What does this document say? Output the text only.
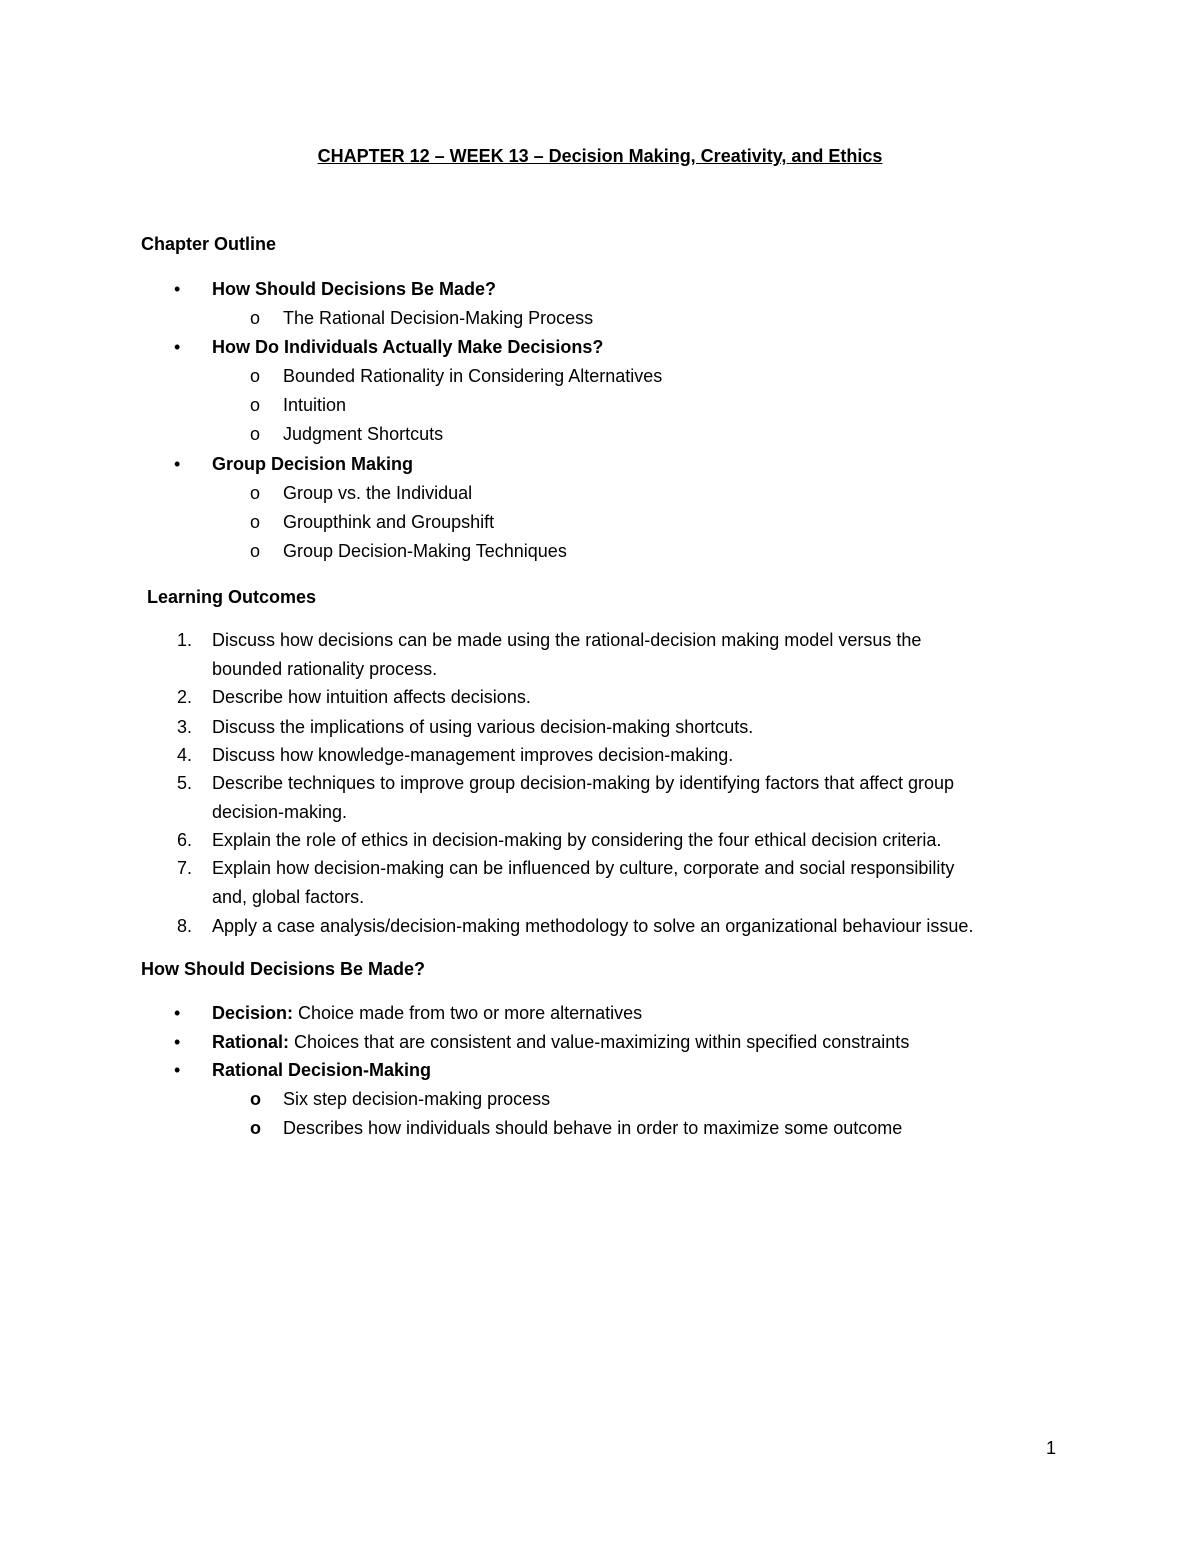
CHAPTER 12 – WEEK 13 – Decision Making, Creativity, and Ethics
Chapter Outline
• How Should Decisions Be Made?
o The Rational Decision-Making Process
• How Do Individuals Actually Make Decisions?
o Bounded Rationality in Considering Alternatives
o Intuition
o Judgment Shortcuts
• Group Decision Making
o Group vs. the Individual
o Groupthink and Groupshift
o Group Decision-Making Techniques
Learning Outcomes
1. Discuss how decisions can be made using the rational-decision making model versus the
bounded rationality process.
2. Describe how intuition affects decisions.
3. Discuss the implications of using various decision-making shortcuts.
4. Discuss how knowledge-management improves decision-making.
5. Describe techniques to improve group decision-making by identifying factors that affect group
decision-making.
6. Explain the role of ethics in decision-making by considering the four ethical decision criteria.
7. Explain how decision-making can be influenced by culture, corporate and social responsibility
and, global factors.
8. Apply a case analysis/decision-making methodology to solve an organizational behaviour issue.
How Should Decisions Be Made?
• Decision: Choice made from two or more alternatives
• Rational: Choices that are consistent and value-maximizing within specified constraints
• Rational Decision-Making
o Six step decision-making process
o Describes how individuals should behave in order to maximize some outcome
1
